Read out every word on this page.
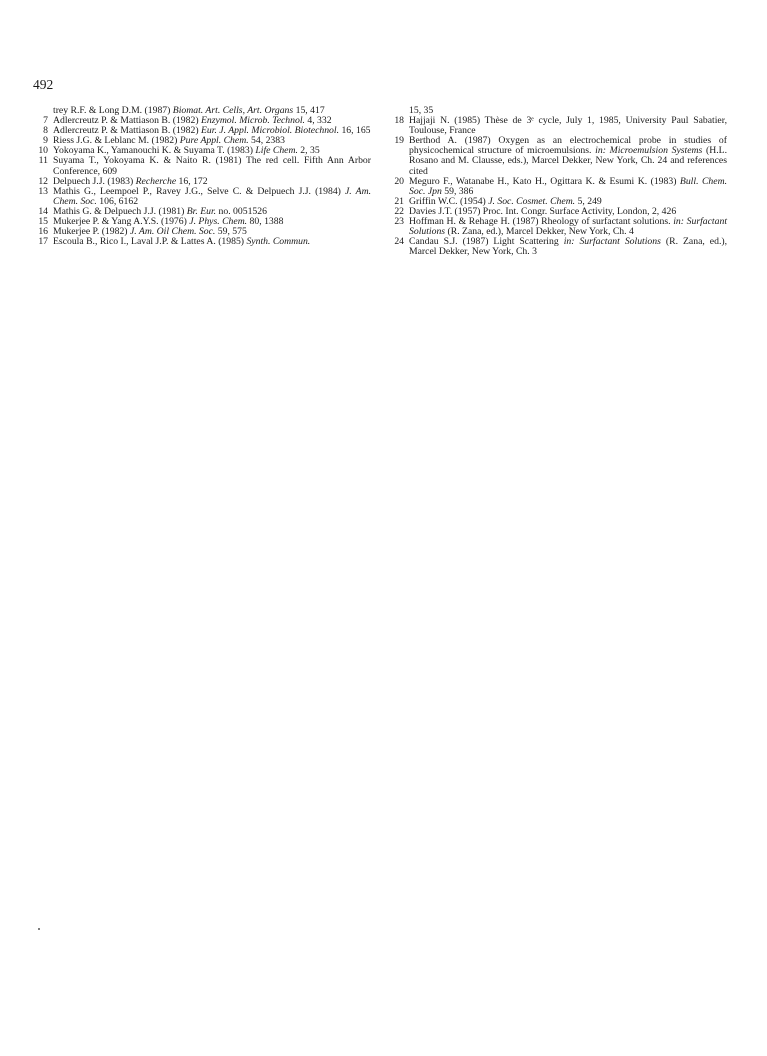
492
trey R.F. & Long D.M. (1987) Biomat. Art. Cells, Art. Organs 15, 417
7 Adlercreutz P. & Mattiason B. (1982) Enzymol. Microb. Technol. 4, 332
8 Adlercreutz P. & Mattiason B. (1982) Eur. J. Appl. Microbiol. Biotechnol. 16, 165
9 Riess J.G. & Leblanc M. (1982) Pure Appl. Chem. 54, 2383
10 Yokoyama K., Yamanouchi K. & Suyama T. (1983) Life Chem. 2, 35
11 Suyama T., Yokoyama K. & Naito R. (1981) The red cell. Fifth Ann Arbor Conference, 609
12 Delpuech J.J. (1983) Recherche 16, 172
13 Mathis G., Leempoel P., Ravey J.G., Selve C. & Delpuech J.J. (1984) J. Am. Chem. Soc. 106, 6162
14 Mathis G. & Delpuech J.J. (1981) Br. Eur. no. 0051526
15 Mukerjee P. & Yang A.Y.S. (1976) J. Phys. Chem. 80, 1388
16 Mukerjee P. (1982) J. Am. Oil Chem. Soc. 59, 575
17 Escoula B., Rico I., Laval J.P. & Lattes A. (1985) Synth. Commun.
15, 35
18 Hajjaji N. (1985) Thèse de 3ᵉ cycle, July 1, 1985, University Paul Sabatier, Toulouse, France
19 Berthod A. (1987) Oxygen as an electrochemical probe in studies of physicochemical structure of microemulsions. in: Microemulsion Systems (H.L. Rosano and M. Clausse, eds.), Marcel Dekker, New York, Ch. 24 and references cited
20 Meguro F., Watanabe H., Kato H., Ogittara K. & Esumi K. (1983) Bull. Chem. Soc. Jpn 59, 386
21 Griffin W.C. (1954) J. Soc. Cosmet. Chem. 5, 249
22 Davies J.T. (1957) Proc. Int. Congr. Surface Activity, London, 2, 426
23 Hoffman H. & Rehage H. (1987) Rheology of surfactant solutions. in: Surfactant Solutions (R. Zana, ed.), Marcel Dekker, New York, Ch. 4
24 Candau S.J. (1987) Light Scattering in: Surfactant Solutions (R. Zana, ed.), Marcel Dekker, New York, Ch. 3
